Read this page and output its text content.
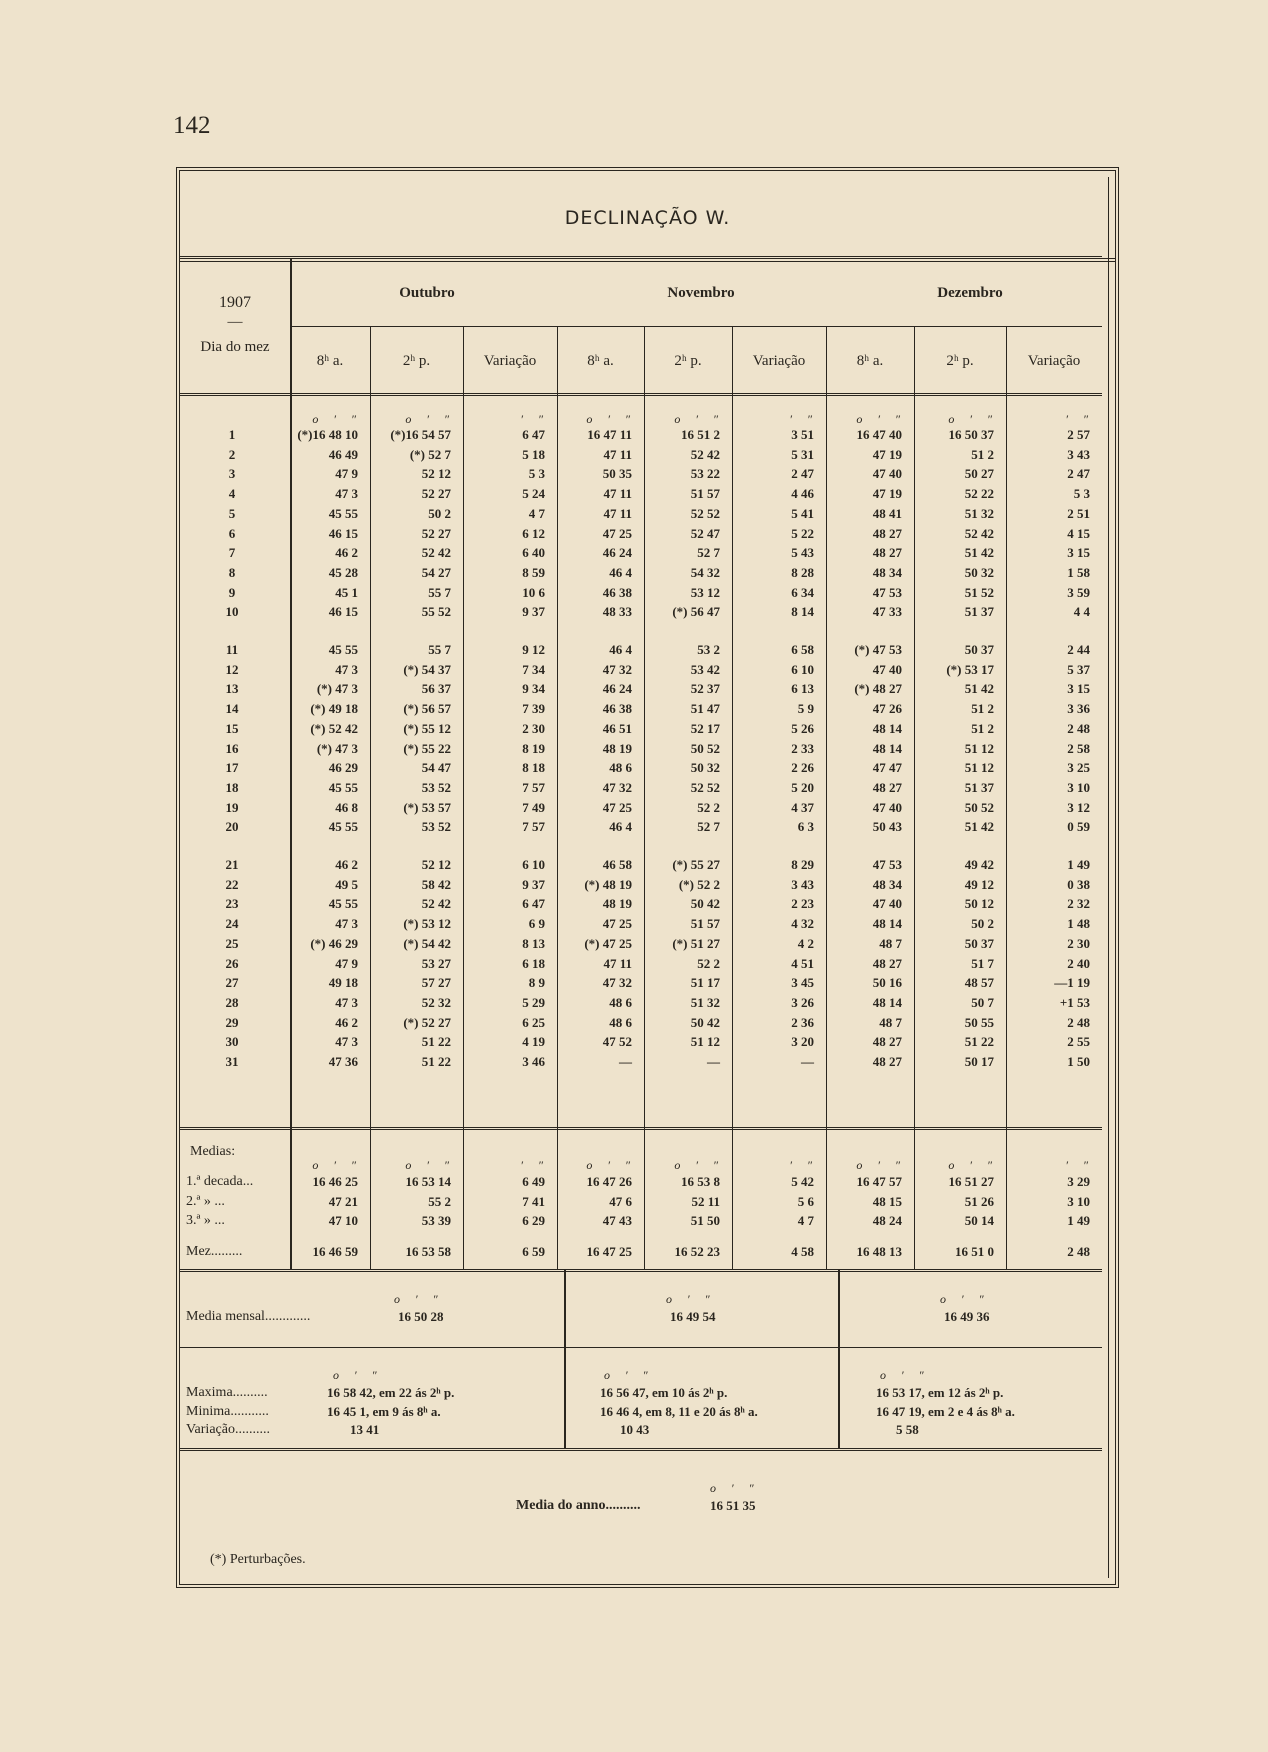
142
DECLINAÇÃO W.
1907
—
Dia do mez
Outubro
8ʰ a.	2ʰ p.	Variação
Novembro
8ʰ a.	2ʰ p.	Variação
Dezembro
8ʰ a.	2ʰ p.	Variação
o ′ ″	o ′ ″	′ ″	o ′ ″	o ′ ″	′ ″	o ′ ″	o ′ ″	′ ″
1	(*)16 48 10	(*)16 54 57	6 47	16 47 11	16 51 2	3 51	16 47 40	16 50 37	2 57
2	46 49	(*) 52 7	5 18	47 11	52 42	5 31	47 19	51 2	3 43
3	47 9	52 12	5 3	50 35	53 22	2 47	47 40	50 27	2 47
4	47 3	52 27	5 24	47 11	51 57	4 46	47 19	52 22	5 3
5	45 55	50 2	4 7	47 11	52 52	5 41	48 41	51 32	2 51
6	46 15	52 27	6 12	47 25	52 47	5 22	48 27	52 42	4 15
7	46 2	52 42	6 40	46 24	52 7	5 43	48 27	51 42	3 15
8	45 28	54 27	8 59	46 4	54 32	8 28	48 34	50 32	1 58
9	45 1	55 7	10 6	46 38	53 12	6 34	47 53	51 52	3 59
10	46 15	55 52	9 37	48 33	(*) 56 47	8 14	47 33	51 37	4 4
11	45 55	55 7	9 12	46 4	53 2	6 58	(*) 47 53	50 37	2 44
12	47 3	(*) 54 37	7 34	47 32	53 42	6 10	47 40	(*) 53 17	5 37
13	(*) 47 3	56 37	9 34	46 24	52 37	6 13	(*) 48 27	51 42	3 15
14	(*) 49 18	(*) 56 57	7 39	46 38	51 47	5 9	47 26	51 2	3 36
15	(*) 52 42	(*) 55 12	2 30	46 51	52 17	5 26	48 14	51 2	2 48
16	(*) 47 3	(*) 55 22	8 19	48 19	50 52	2 33	48 14	51 12	2 58
17	46 29	54 47	8 18	48 6	50 32	2 26	47 47	51 12	3 25
18	45 55	53 52	7 57	47 32	52 52	5 20	48 27	51 37	3 10
19	46 8	(*) 53 57	7 49	47 25	52 2	4 37	47 40	50 52	3 12
20	45 55	53 52	7 57	46 4	52 7	6 3	50 43	51 42	0 59
21	46 2	52 12	6 10	46 58	(*) 55 27	8 29	47 53	49 42	1 49
22	49 5	58 42	9 37	(*) 48 19	(*) 52 2	3 43	48 34	49 12	0 38
23	45 55	52 42	6 47	48 19	50 42	2 23	47 40	50 12	2 32
24	47 3	(*) 53 12	6 9	47 25	51 57	4 32	48 14	50 2	1 48
25	(*) 46 29	(*) 54 42	8 13	(*) 47 25	(*) 51 27	4 2	48 7	50 37	2 30
26	47 9	53 27	6 18	47 11	52 2	4 51	48 27	51 7	2 40
27	49 18	57 27	8 9	47 32	51 17	3 45	50 16	48 57	—1 19
28	47 3	52 32	5 29	48 6	51 32	3 26	48 14	50 7	+1 53
29	46 2	(*) 52 27	6 25	48 6	50 42	2 36	48 7	50 55	2 48
30	47 3	51 22	4 19	47 52	51 12	3 20	48 27	51 22	2 55
31	47 36	51 22	3 46	—	—	—	48 27	50 17	1 50
Medias:
o ′ ″	o ′ ″	′ ″	o ′ ″	o ′ ″	′ ″	o ′ ″	o ′ ″	′ ″
1.ª decada...	16 46 25	16 53 14	6 49	16 47 26	16 53 8	5 42	16 47 57	16 51 27	3 29
2.ª » ...	47 21	55 2	7 41	47 6	52 11	5 6	48 15	51 26	3 10
3.ª » ...	47 10	53 39	6 29	47 43	51 50	4 7	48 24	50 14	1 49
Mez.........	16 46 59	16 53 58	6 59	16 47 25	16 52 23	4 58	16 48 13	16 51 0	2 48
o ′ ″	o ′ ″	o ′ ″
Media mensal.............	16 50 28	16 49 54	16 49 36
o ′ ″	o ′ ″	o ′ ″
Maxima..........	16 58 42, em 22 ás 2ʰ p.	16 56 47, em 10 ás 2ʰ p.	16 53 17, em 12 ás 2ʰ p.
Minima...........	16 45 1, em 9 ás 8ʰ a.	16 46 4, em 8, 11 e 20 ás 8ʰ a.	16 47 19, em 2 e 4 ás 8ʰ a.
Variação..........	13 41	10 43	5 58
o ′ ″
Media do anno..........	16 51 35
(*) Perturbações.
